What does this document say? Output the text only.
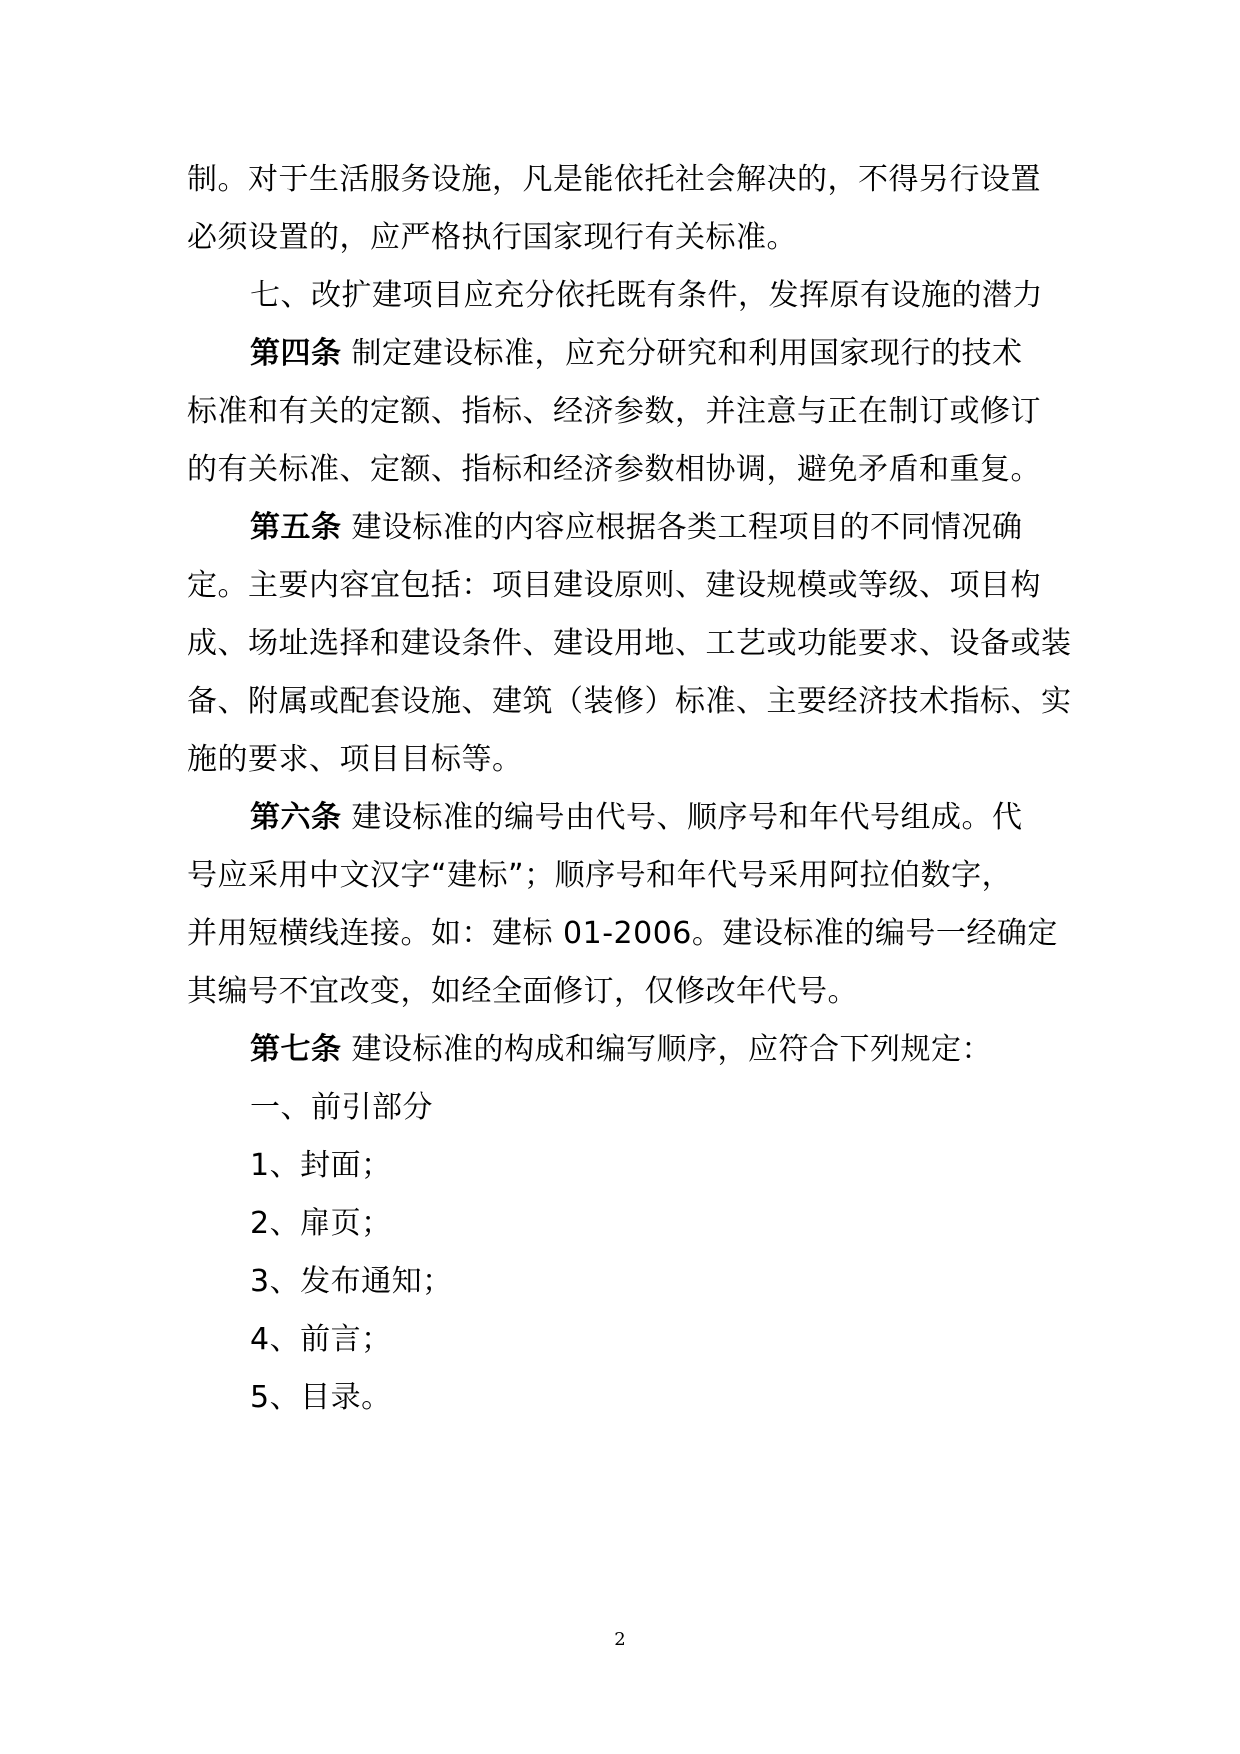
制。对于生活服务设施，凡是能依托社会解决的，不得另行设置
必须设置的，应严格执行国家现行有关标准。
七、改扩建项目应充分依托既有条件，发挥原有设施的潜力
第四条 制定建设标准，应充分研究和利用国家现行的技术
标准和有关的定额、指标、经济参数，并注意与正在制订或修订
的有关标准、定额、指标和经济参数相协调，避免矛盾和重复。
第五条 建设标准的内容应根据各类工程项目的不同情况确
定。主要内容宜包括：项目建设原则、建设规模或等级、项目构
成、场址选择和建设条件、建设用地、工艺或功能要求、设备或装
备、附属或配套设施、建筑（装修）标准、主要经济技术指标、实
施的要求、项目目标等。
第六条 建设标准的编号由代号、顺序号和年代号组成。代
号应采用中文汉字“建标”；顺序号和年代号采用阿拉伯数字，
并用短横线连接。如：建标 01-2006。建设标准的编号一经确定
其编号不宜改变，如经全面修订，仅修改年代号。
第七条 建设标准的构成和编写顺序，应符合下列规定：
一、前引部分
1、封面；
2、扉页；
3、发布通知；
4、前言；
5、目录。
2
